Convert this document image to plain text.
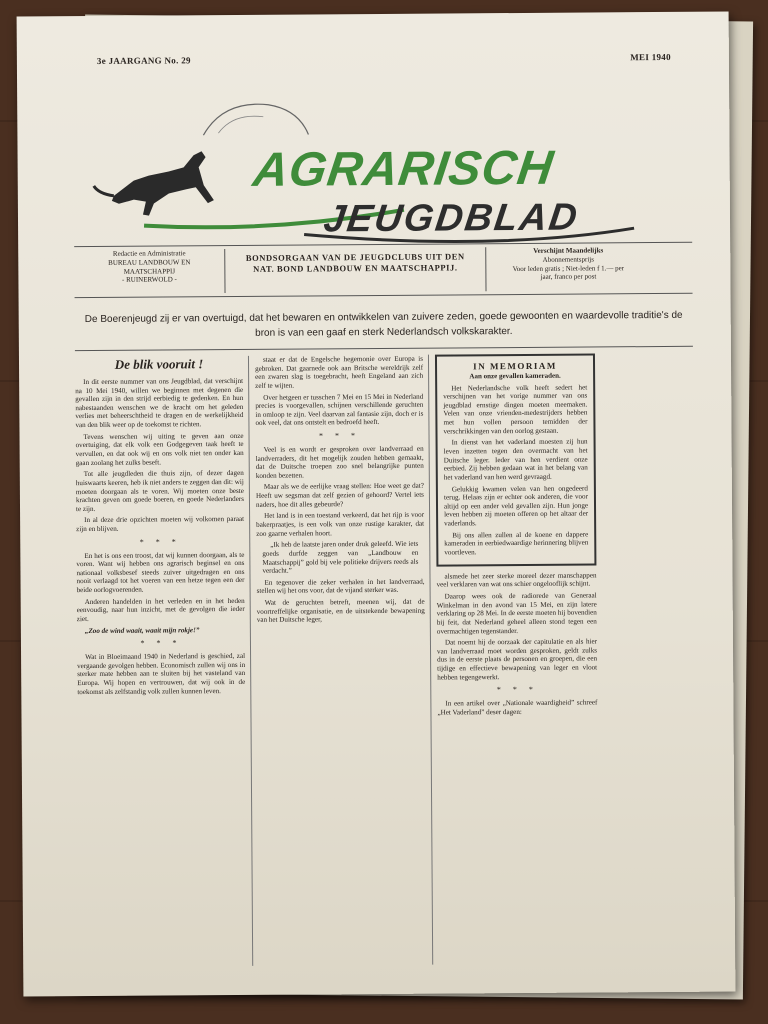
3e JAARGANG No. 29	MEI 1940
AGRARISCH
JEUGDBLAD
Redactie en Administratie
BUREAU LANDBOUW EN
MAATSCHAPPIJ
- RUINERWOLD -
BONDSORGAAN VAN DE JEUGDCLUBS UIT DEN
NAT. BOND LANDBOUW EN MAATSCHAPPIJ.
Verschijnt Maandelijks
Abonnementsprijs
Voor leden gratis ; Niet-leden f 1.— per
jaar, franco per post
De Boerenjeugd zij er van overtuigd, dat het bewaren en ontwikkelen van zuivere zeden, goede gewoonten en waardevolle traditie's de bron is van een gaaf en sterk Nederlandsch volkskarakter.
De blik vooruit !

In dit eerste nummer van ons Jeugdblad, dat verschijnt na 10 Mei 1940, willen we beginnen met degenen die gevallen zijn in den strijd eerbiedig te gedenken. En hun nabestaanden wenschen we de kracht om het geleden verlies met beheerschtheid te dragen en de werkelijkheid van den blik weer op de toekomst te richten.

Tevens wenschen wij uiting te geven aan onze overtuiging, dat elk volk een Godgegeven taak heeft te vervullen, en dat ook wij en ons volk niet ten onder kan gaan zoolang het zulks beseft.

Tot alle jeugdleden die thuis zijn, of dezer dagen huiswaarts keeren, heb ik niet anders te zeggen dan dit: wij moeten doorgaan als te voren. Wij moeten onze beste krachten geven om goede boeren, en goede Nederlanders te zijn.

In al deze drie opzichten moeten wij volkomen paraat zijn en blijven.

* * *

En het is ons een troost, dat wij kunnen doorgaan, als te voren. Want wij hebben ons agrarisch beginsel en ons nationaal volksbesef steeds zuiver uitgedragen en ons nooit verlaagd tot het voeren van een hetze tegen een der beide oorlogvoerenden.

Anderen handelden in het verleden en in het heden eenvoudig, naar hun inzicht, met de gevolgen die ieder ziet.

„Zoo de wind waait, waait mijn rokje!”

* * *

Wat in Bloeimaand 1940 in Nederland is geschied, zal vergaande gevolgen hebben. Economisch zullen wij ons in sterker mate hebben aan te sluiten bij het vasteland van Europa. Wij hopen en vertrouwen, dat wij ook in de toekomst als zelfstandig volk zullen kunnen leven.

staat er dat de Engelsche hegemonie over Europa is gebroken. Dat gaarnede ook aan Britsche wereldrijk zelf een zwaren slag is toegebracht, heeft Engeland aan zich zelf te wijten.

Over hetgeen er tusschen 7 Mei en 15 Mei in Nederland precies is voorgevallen, schijnen verschillende geruchten in omloop te zijn. Veel daarvan zal fantasie zijn, doch er is ook veel, dat ons ontstelt en bedroefd heeft.

* * *

Veel is en wordt er gesproken over landverraad en landverraders, dit het mogelijk zouden hebben gemaakt, dat de Duitsche troepen zoo snel belangrijke punten konden bezetten.

Maar als we de eerlijke vraag stellen: Hoe weet ge dat? Heeft uw segsman dat zelf gezien of gehoord? Vertel iets naders, hoe dit alles gebeurde?

Het land is in een toestand verkeerd, dat het rijp is voor bakerpraatjes, is een volk van onze rustige karakter, dat zoo gaarne verhalen hoort.

„Ik heb de laatste jaren onder druk geleefd. Wie iets goeds durfde zeggen van „Landbouw en Maatschappij” gold bij vele politieke drijvers reeds als verdacht.”

En tegenover die zeker verhalen in het landverraad, stellen wij het ons voor, dat de vijand sterker was.

Wat de geruchten betreft, meenen wij, dat de voortreffelijke organisatie, en de uitstekende bewapening van het Duitsche leger,

IN MEMORIAM
Aan onze gevallen kameraden.

Het Nederlandsche volk heeft sedert het verschijnen van het vorige nummer van ons jeugdblad ernstige dingen moeten meemaken. Velen van onze vrienden-medestrijders hebben met hun vollen persoon temidden der verschrikkingen van den oorlog gestaan.

In dienst van het vaderland moesten zij hun leven inzetten tegen den overmacht van het Duitsche leger. Ieder van hen verdient onze eerbied. Zij hebben gedaan wat in het belang van het vaderland van hen werd gevraagd.

Gelukkig kwamen velen van hen ongedeerd terug. Helaas zijn er echter ook anderen, die voor altijd op een ander veld gevallen zijn. Hun jonge leven hebben zij moeten offeren op het altaar der vaderlands.

Bij ons allen zullen al de koene en dappere kameraden in eerbiedwaardige herinnering blijven voortleven.

alsmede het zeer sterke moreel dezer manschappen veel verklaren van wat ons schier ongelooflijk schijnt.

Daarop wees ook de radiorede van Generaal Winkelman in den avond van 15 Mei, en zijn latere verklaring op 28 Mei. In de eerste moeten hij bovendien bij feit, dat Nederland geheel alleen stond tegen een overmachtigen tegenstander.

Dat noemt hij de oorzaak der capitulatie en als hier van landverraad moet worden gesproken, geldt zulks dus in de eerste plaats de personen en groepen, die een tijdige en effectieve bewapening van leger en vloot hebben tegengewerkt.

* * *

In een artikel over „Nationale waardigheid” schreef „Het Vaderland” deser dagen:
